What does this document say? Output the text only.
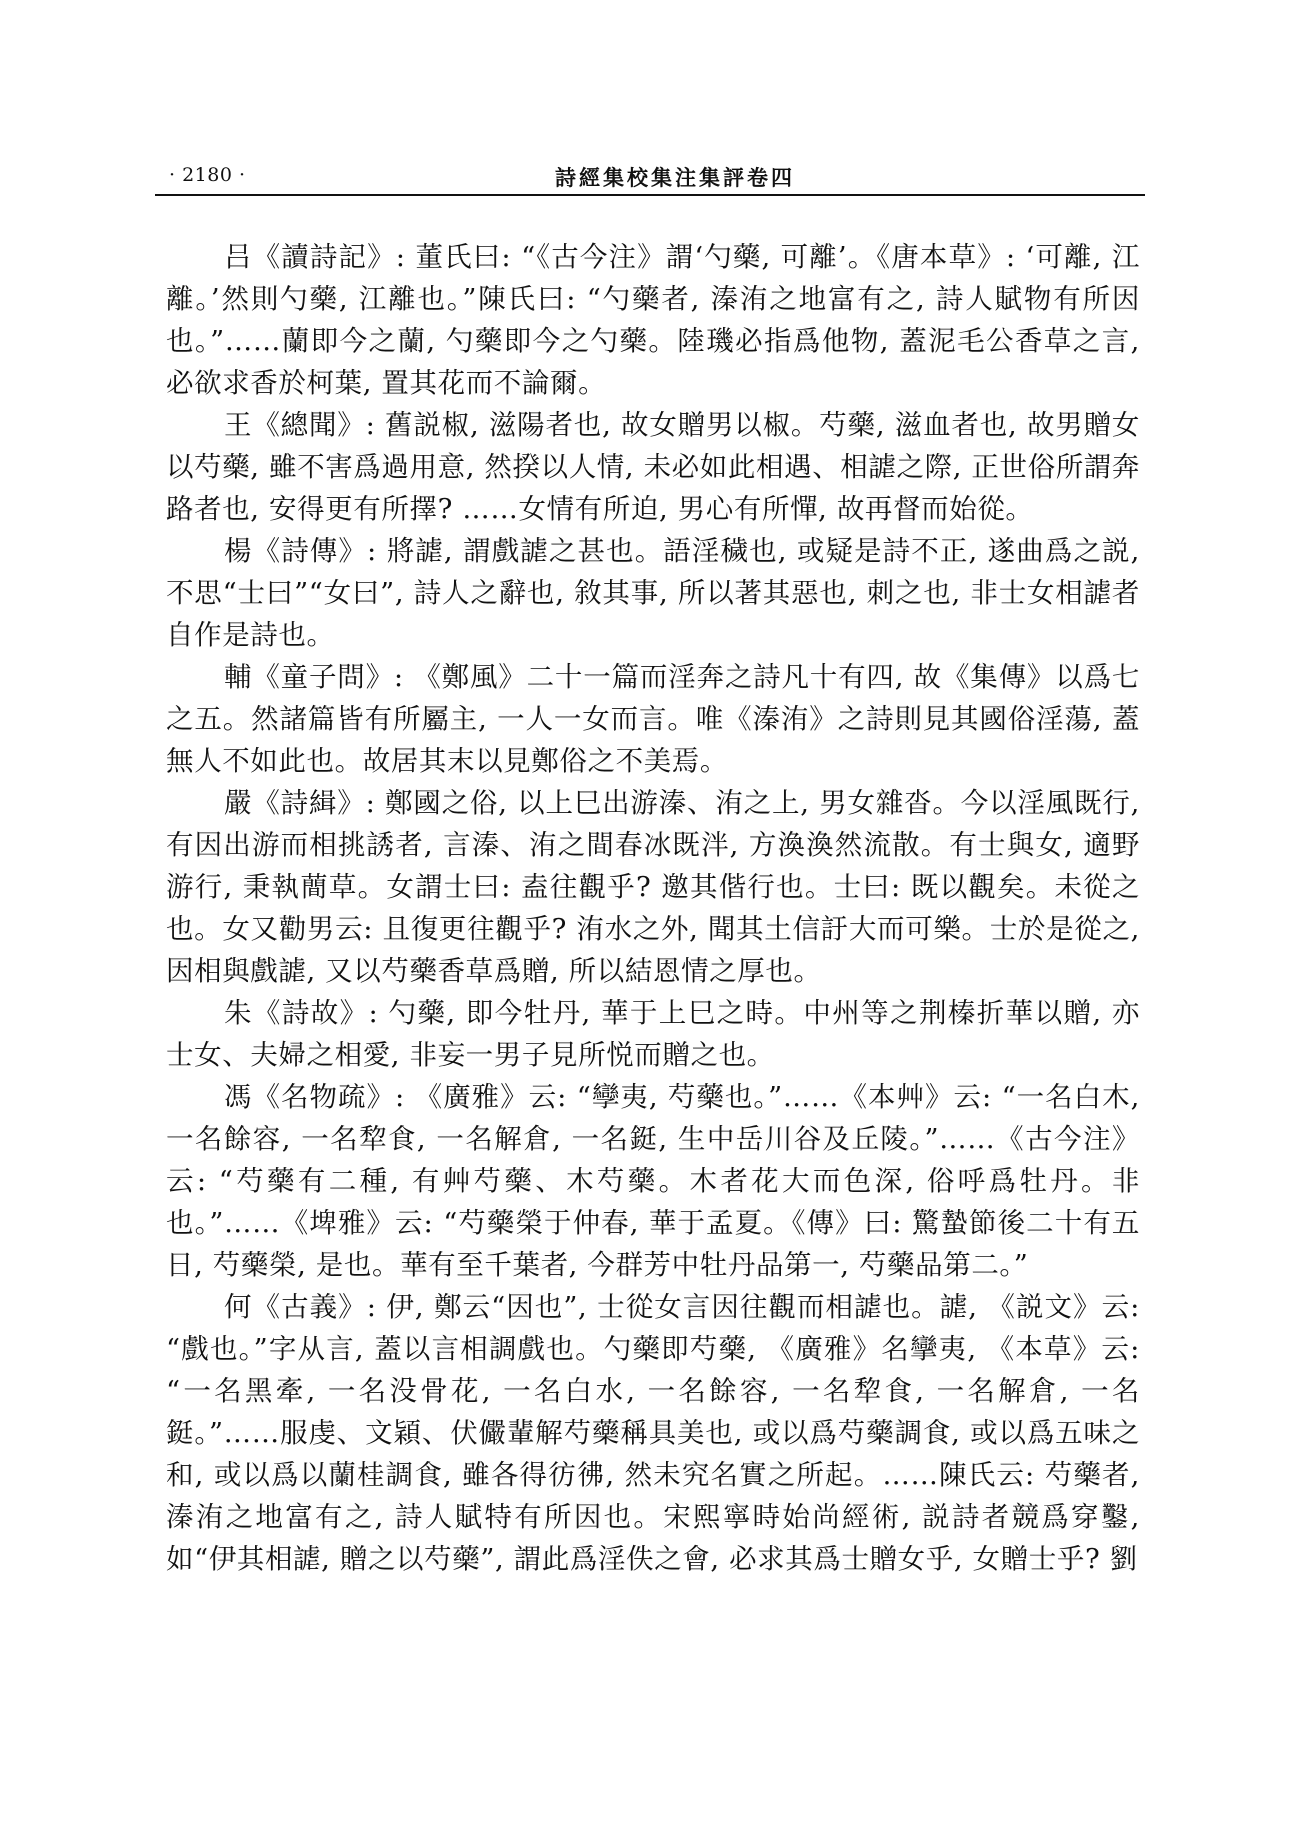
· 2180 ·	詩經集校集注集評卷四

吕《讀詩記》: 董氏曰: “《古今注》謂‘勺藥, 可離’。《唐本草》: ‘可離, 江離。’然則勺藥, 江離也。”陳氏曰: “勺藥者, 溱洧之地富有之, 詩人賦物有所因也。”……蘭即今之蘭, 勺藥即今之勺藥。陸璣必指爲他物, 蓋泥毛公香草之言, 必欲求香於柯葉, 置其花而不論爾。

王《總聞》: 舊説椒, 滋陽者也, 故女贈男以椒。芍藥, 滋血者也, 故男贈女以芍藥, 雖不害爲過用意, 然揆以人情, 未必如此相遇、相謔之際, 正世俗所謂奔路者也, 安得更有所擇? ……女情有所迫, 男心有所憚, 故再督而始從。

楊《詩傳》: 將謔, 謂戲謔之甚也。語淫穢也, 或疑是詩不正, 遂曲爲之説, 不思“士曰”“女曰”, 詩人之辭也, 敘其事, 所以著其惡也, 刺之也, 非士女相謔者自作是詩也。

輔《童子問》: 《鄭風》二十一篇而淫奔之詩凡十有四, 故《集傳》以爲七之五。然諸篇皆有所屬主, 一人一女而言。唯《溱洧》之詩則見其國俗淫蕩, 蓋無人不如此也。故居其末以見鄭俗之不美焉。

嚴《詩緝》: 鄭國之俗, 以上巳出游溱、洧之上, 男女雜沓。今以淫風既行, 有因出游而相挑誘者, 言溱、洧之間春冰既泮, 方渙渙然流散。有士與女, 適野游行, 秉執蕳草。女謂士曰: 盍往觀乎? 邀其偕行也。士曰: 既以觀矣。未從之也。女又勸男云: 且復更往觀乎? 洧水之外, 聞其土信訏大而可樂。士於是從之, 因相與戲謔, 又以芍藥香草爲贈, 所以結恩情之厚也。

朱《詩故》: 勺藥, 即今牡丹, 華于上巳之時。中州等之荆榛折華以贈, 亦士女、夫婦之相愛, 非妄一男子見所悦而贈之也。

馮《名物疏》: 《廣雅》云: “孿夷, 芍藥也。”……《本艸》云: “一名白木, 一名餘容, 一名犂食, 一名解倉, 一名鋌, 生中岳川谷及丘陵。”……《古今注》云: “芍藥有二種, 有艸芍藥、木芍藥。木者花大而色深, 俗呼爲牡丹。非也。”……《埤雅》云: “芍藥榮于仲春, 華于孟夏。《傳》曰: 驚蟄節後二十有五日, 芍藥榮, 是也。華有至千葉者, 今群芳中牡丹品第一, 芍藥品第二。”

何《古義》: 伊, 鄭云“因也”, 士從女言因往觀而相謔也。謔, 《説文》云: “戲也。”字从言, 蓋以言相調戲也。勺藥即芍藥, 《廣雅》名攣夷, 《本草》云: “一名黑牽, 一名没骨花, 一名白水, 一名餘容, 一名犂食, 一名解倉, 一名鋌。”……服虔、文穎、伏儼輩解芍藥稱具美也, 或以爲芍藥調食, 或以爲五味之和, 或以爲以蘭桂調食, 雖各得彷彿, 然未究名實之所起。……陳氏云: 芍藥者, 溱洧之地富有之, 詩人賦特有所因也。宋熙寧時始尚經術, 説詩者競爲穿鑿, 如“伊其相謔, 贈之以芍藥”, 謂此爲淫佚之會, 必求其爲士贈女乎, 女贈士乎? 劉
